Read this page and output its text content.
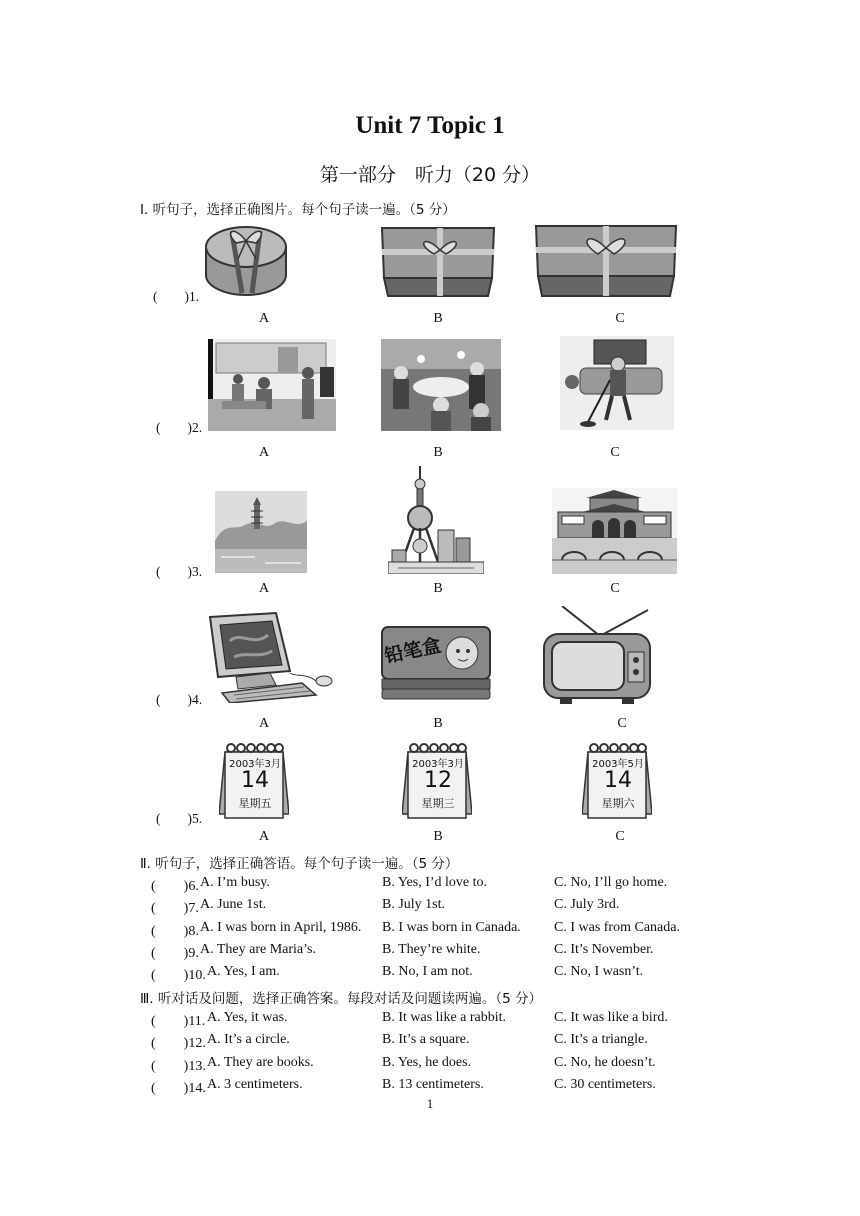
Unit 7 Topic 1
第一部分　听力（20 分）
Ⅰ. 听句子，选择正确图片。每个句子读一遍。（5 分）
(　　)1.
A	B	C
(　　)2.
A	B	C
(　　)3.
A	B	C
(　　)4.
铅笔盒
A	B	C
(　　)5.
2003年3月
14
星期五
2003年3月
12
星期三
2003年5月
14
星期六
A	B	C
Ⅱ. 听句子，选择正确答语。每个句子读一遍。（5 分）
(　　)6. A. I’m busy.	B. Yes, I’d love to.	C. No, I’ll go home.
(　　)7. A. June 1st.	B. July 1st.	C. July 3rd.
(　　)8. A. I was born in April, 1986. B. I was born in Canada. C. I was from Canada.
(　　)9. A. They are Maria’s.	B. They’re white.	C. It’s November.
(　　)10. A. Yes, I am.	B. No, I am not.	C. No, I wasn’t.
Ⅲ. 听对话及问题，选择正确答案。每段对话及问题读两遍。（5 分）
(　　)11. A. Yes, it was.	B. It was like a rabbit.	C. It was like a bird.
(　　)12. A. It’s a circle.	B. It’s a square.	C. It’s a triangle.
(　　)13. A. They are books.	B. Yes, he does.	C. No, he doesn’t.
(　　)14. A. 3 centimeters.	B. 13 centimeters.	C. 30 centimeters.
1
